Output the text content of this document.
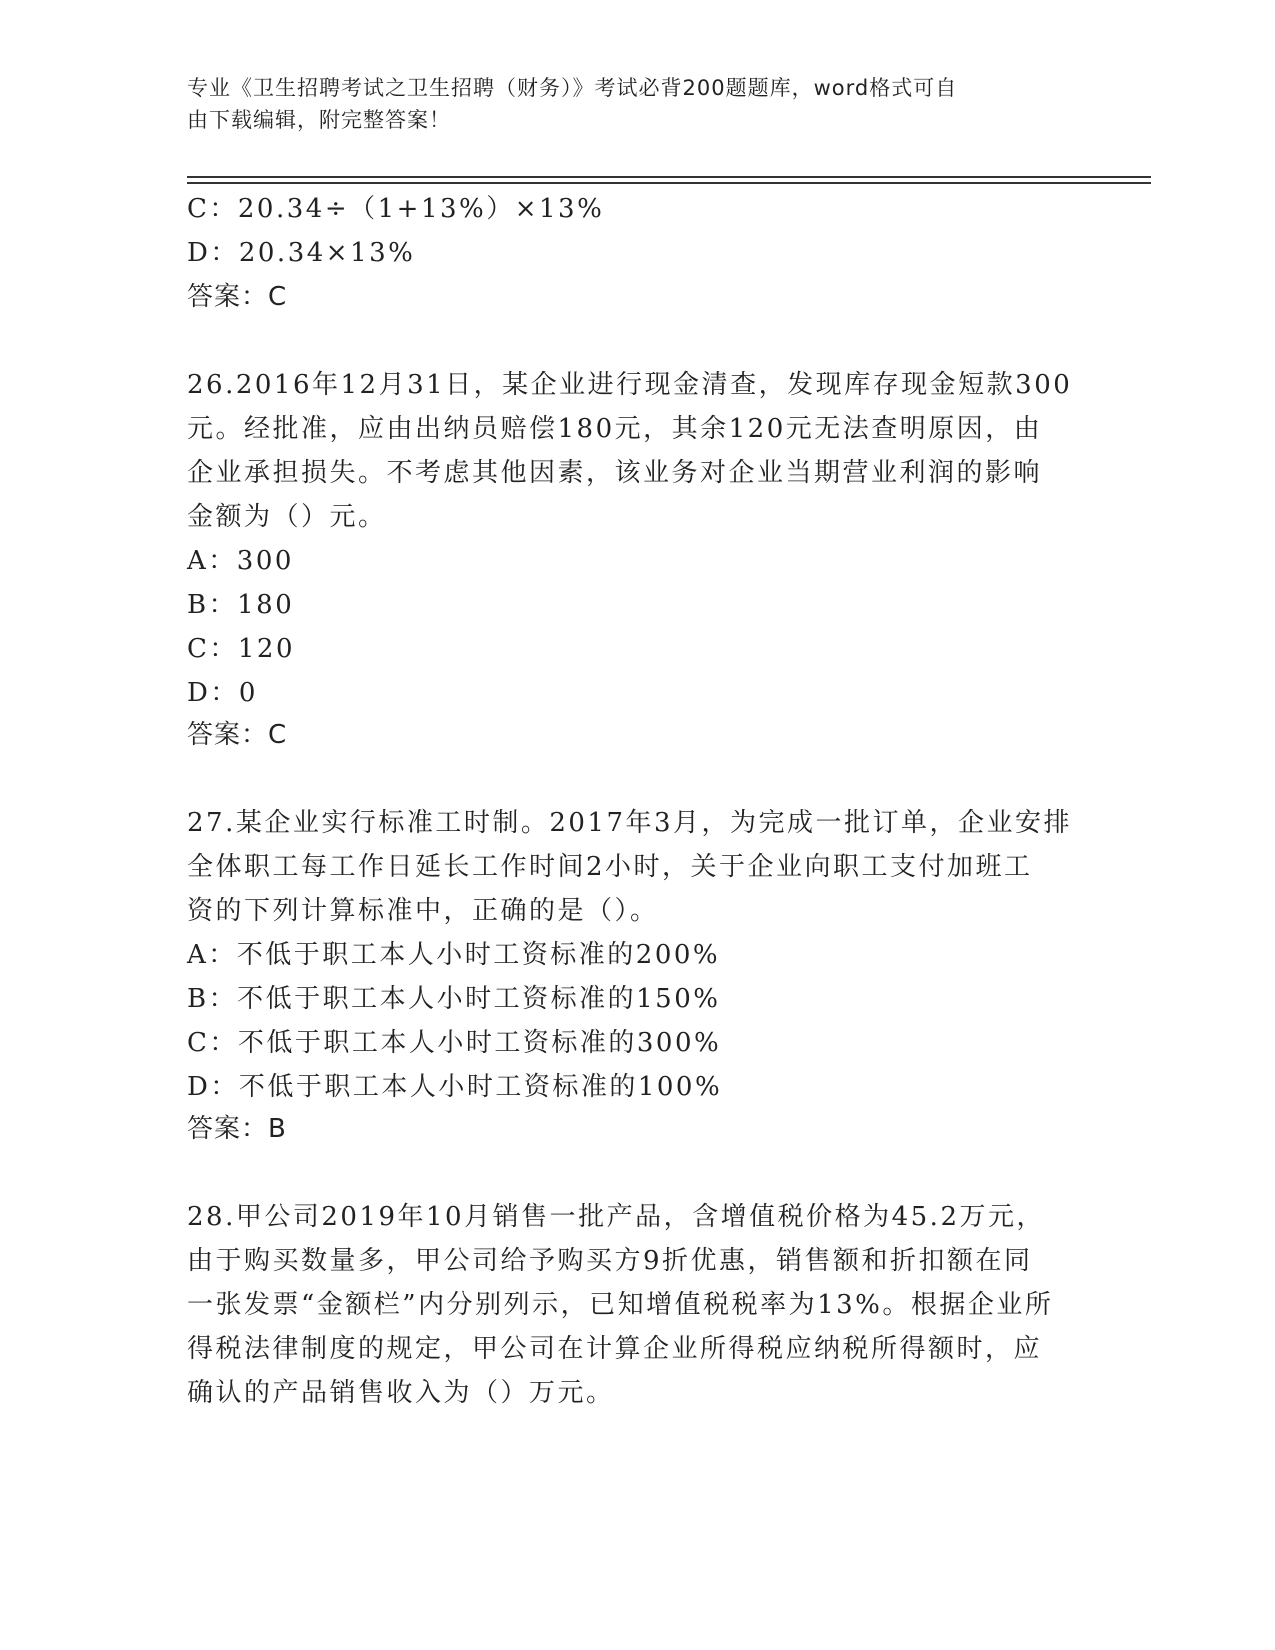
专业《卫生招聘考试之卫生招聘（财务）》考试必背200题题库，word格式可自
由下载编辑，附完整答案！
C：20.34÷（1+13%）×13%
D：20.34×13%
答案：C
26.2016年12月31日，某企业进行现金清查，发现库存现金短款300
元。经批准，应由出纳员赔偿180元，其余120元无法查明原因，由
企业承担损失。不考虑其他因素，该业务对企业当期营业利润的影响
金额为（）元。
A：300
B：180
C：120
D：0
答案：C
27.某企业实行标准工时制。2017年3月，为完成一批订单，企业安排
全体职工每工作日延长工作时间2小时，关于企业向职工支付加班工
资的下列计算标准中，正确的是（）。
A：不低于职工本人小时工资标准的200%
B：不低于职工本人小时工资标准的150%
C：不低于职工本人小时工资标准的300%
D：不低于职工本人小时工资标准的100%
答案：B
28.甲公司2019年10月销售一批产品，含增值税价格为45.2万元，
由于购买数量多，甲公司给予购买方9折优惠，销售额和折扣额在同
一张发票“金额栏”内分别列示，已知增值税税率为13%。根据企业所
得税法律制度的规定，甲公司在计算企业所得税应纳税所得额时，应
确认的产品销售收入为（）万元。
